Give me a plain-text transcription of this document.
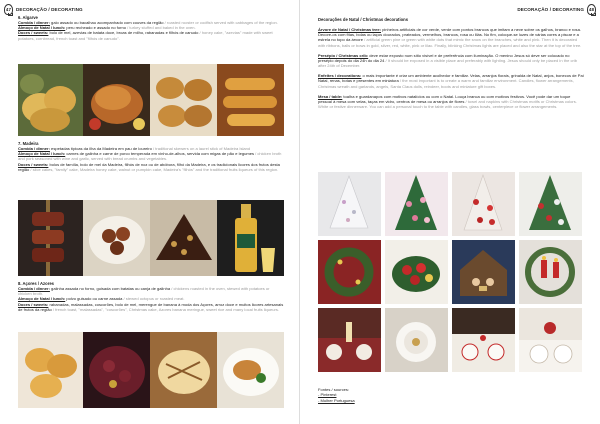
47 DECORAÇÃO / DECORATING
6. Algarve
Comida / dinner: galo assado ou bacalhau acompanhado com couves da região / roasted rooster or codfish served with cabbages of the region.
Almoço de Natal / lunch: peru recheado e assado no forno / turkey stuffed and baked in the oven.
Doces / sweets: bolo de mel, azevias de batata doce, broas de milho, rabanadas e filhós de canudo / honey cake, "azevias" made with sweet potatoes, cornbread, french toast and "filhós de canudo".
7. Madeira
Comida / dinner: espetadas típicas da ilha da Madeira em pau de loureiro / traditional skewers on a laurel stick of Madeira Island
Almoço de Natal / lunch: carnes de galinha e carne de porco temperada em vinho-de-alhos, servida com migas de pão e legumes / chicken broth and pork seasoned with wine and garlic, served with bread crumbs and vegetables.
Doces / sweets: bolos de família, bolo de mel da Madeira, filhós de noz ou de abóbora, filhó da Madeira, e os tradicionais licores dos frutos desta região / slice cakes, "family" cake, Madeira honey cake, walnut or pumpkin cake, Madeira's "filhós" and the traditional fruits liqueurs of this region.
8. Açores / Azores
Comida / dinner: galinha assada no forno, guisada com batatas ou canja de galinha / chickens roasted in the oven, stewed with potatoes or chicken broth.
Almoço de Natal / lunch: polvo guisado ou carne assada / stewed octopus or roasted meat.
Doces / sweets: rabanadas, malassadas, coscorões, bolo de mel, merengue de banana à moda dos Açores, arroz doce e muitos licores artesanais de frutos da região / french toast, "malassadas", "coscorões", Christmas cake, Azores banana meringue, sweet rice and many local fruits liqueurs.
DECORAÇÃO / DECORATING 48
Decorações de Natal / Christmas decorations
Árvore de Natal / Christmas tree: pinheiros artificiais de cor verde, verde com pontos brancos que imitam a neve sobre os galhos, branco e rosa. Decore-os com fitas, bolas ou laços dourados, prateados, vermelhos, brancos, rosa ou lilás. No fim, coloque-se luzes de várias cores a piscar e a estrela no topo da árvore / artificial green pine or green with white dots that mimic the snow on the branches, white and pink. Then it is decorated with ribbons, balls or bows in gold, silver, red, white, pink or lilac. Finally, blinking Christmas lights are placed and also the star at the top of the tree.
Presépio / Christmas crib: deve estar exposto num sítio visível e de preferência com iluminação. O menino Jesus só deve ser colocado no presépio depois do dia 24h do dia 24 / It should be exposed in a visible place and preferably with lighting. Jesus should only be placed in the crib after 24th of December.
Enfeites / decorations: o mais importante é criar um ambiente acolhedor e familiar. Velas, arranjos florais, grinalda de Natal, anjos, bonecos de Pai Natal, renas, botas e presentes em miniatura / the most important is to create a warm and familiar environment. Candles, flower arrangements, Christmas wreath and garlands, angels, Santa Claus dolls, reindeer, boots and miniature gift boxes.
Mesa / table: toalha e guardanapos com motivos natalícios ou com o Natal. Louça branca ou com motivos festivos. Você pode dar um toque pessoal à mesa com velas, taças em vidro, centros de mesa ou arranjos de flores / towel and napkins with Christmas motifs or Christmas colors. White or festive dinnerware. You can add a personal touch to the table with candles, glass bowls, centerpiece or flower arrangements.
Fontes / sources:
- Pinterest
- Mulher Portuguesa
